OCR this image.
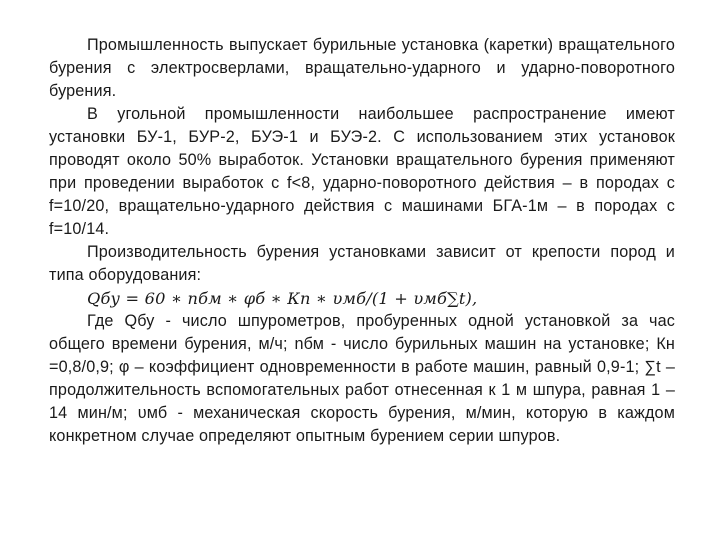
Промышленность выпускает бурильные установка (каретки) вращательного бурения с электросверлами, вращательно-ударного и ударно-поворотного бурения.

В угольной промышленности наибольшее распространение имеют установки БУ-1, БУР-2, БУЭ-1 и БУЭ-2. С использованием этих установок проводят около 50% выработок. Установки вращательного бурения применяют при проведении выработок с f<8, ударно-поворотного действия – в породах с f=10/20, вращательно-ударного действия с машинами БГА-1м – в породах с f=10/14.

Производительность бурения установками зависит от крепости пород и типа оборудования:

Qбу = 60 ∗ nбм ∗ φб ∗ Кп ∗ υмб/(1 + υмб∑t),

Где Qбу - число шпурометров, пробуренных одной установкой за час общего времени бурения, м/ч; nбм - число бурильных машин на установке; Кн =0,8/0,9; φ – коэффициент одновременности в работе машин, равный 0,9-1; ∑t – продолжительность вспомогательных работ отнесенная к 1 м шпура, равная 1 – 14 мин/м; υмб - механическая скорость бурения, м/мин, которую в каждом конкретном случае определяют опытным бурением серии шпуров.
